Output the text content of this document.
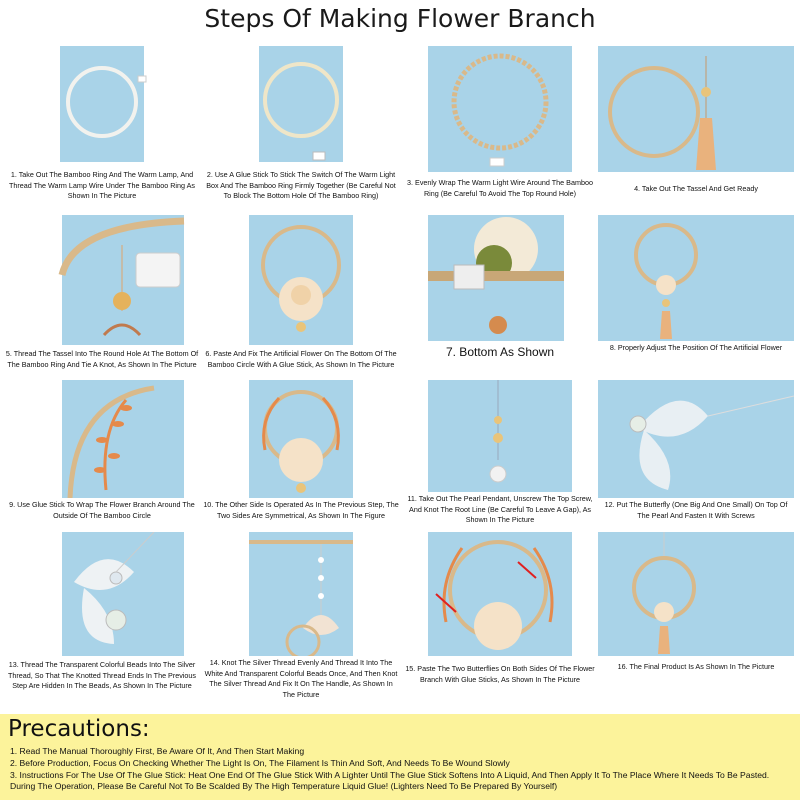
Steps Of Making Flower Branch
1. Take Out The Bamboo Ring And The Warm Lamp, And Thread The Warm Lamp Wire Under The Bamboo Ring As Shown In The Picture
2. Use A Glue Stick To Stick The Switch Of The Warm Light Box And The Bamboo Ring Firmly Together (Be Careful Not To Block The Bottom Hole Of The Bamboo Ring)
3. Evenly Wrap The Warm Light Wire Around The Bamboo Ring (Be Careful To Avoid The Top Round Hole)
4. Take Out The Tassel And Get Ready
5. Thread The Tassel Into The Round Hole At The Bottom Of The Bamboo Ring And Tie A Knot, As Shown In The Picture
6. Paste And Fix The Artificial Flower On The Bottom Of The Bamboo Circle With A Glue Stick, As Shown In The Picture
7. Bottom As Shown	8. Properly Adjust The Position Of The Artificial Flower
9. Use Glue Stick To Wrap The Flower Branch Around The Outside Of The Bamboo Circle
10. The Other Side Is Operated As In The Previous Step, The Two Sides Are Symmetrical, As Shown In The Figure
11. Take Out The Pearl Pendant, Unscrew The Top Screw, And Knot The Root Line (Be Careful To Leave A Gap), As Shown In The Picture
12. Put The Butterfly (One Big And One Small) On Top Of The Pearl And Fasten It With Screws
13. Thread The Transparent Colorful Beads Into The Silver Thread, So That The Knotted Thread Ends In The Previous Step Are Hidden In The Beads, As Shown In The Picture
14. Knot The Silver Thread Evenly And Thread It Into The White And Transparent Colorful Beads Once, And Then Knot The Silver Thread And Fix It On The Handle, As Shown In The Picture
15. Paste The Two Butterflies On Both Sides Of The Flower Branch With Glue Sticks, As Shown In The Picture
16. The Final Product Is As Shown In The Picture
Precautions:
1. Read The Manual Thoroughly First, Be Aware Of It, And Then Start Making
2. Before Production, Focus On Checking Whether The Light Is On, The Filament Is Thin And Soft, And Needs To Be Wound Slowly
3. Instructions For The Use Of The Glue Stick: Heat One End Of The Glue Stick With A Lighter Until The Glue Stick Softens Into A Liquid, And Then Apply It To The Place Where It Needs To Be Pasted. During The Operation, Please Be Careful Not To Be Scalded By The High Temperature Liquid Glue! (Lighters Need To Be Prepared By Yourself)
